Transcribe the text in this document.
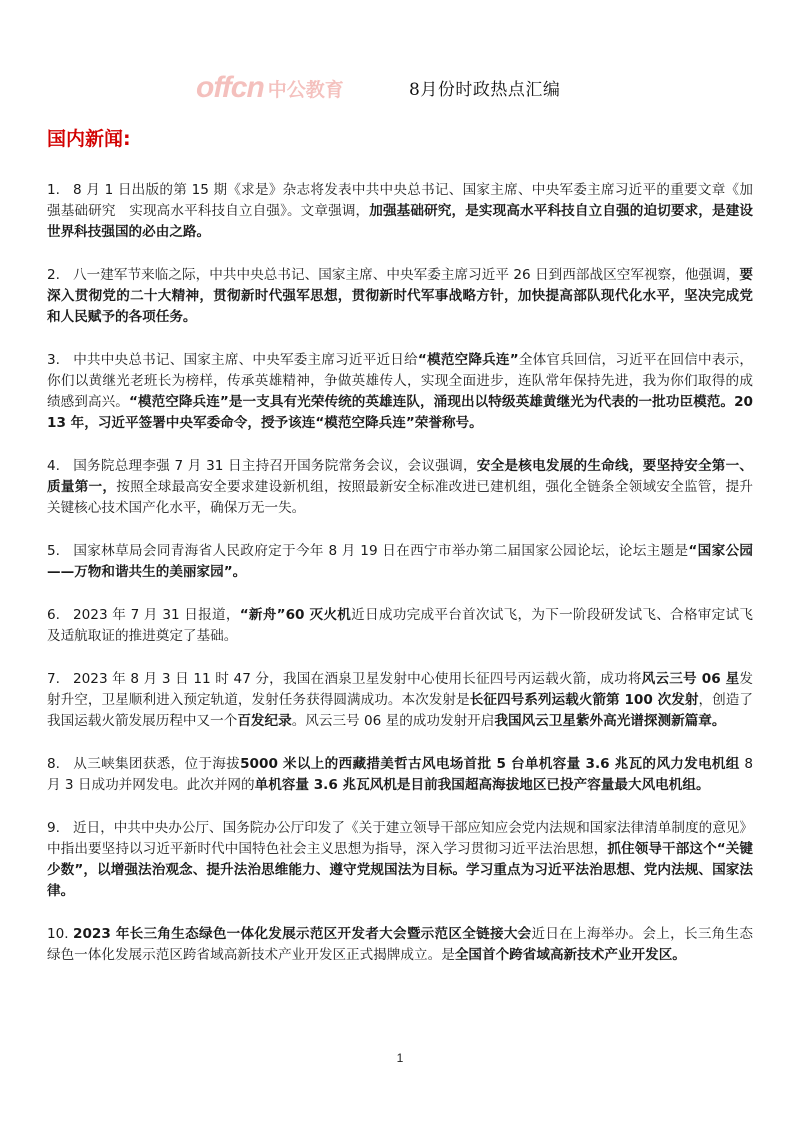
offcn 中公教育	8月份时政热点汇编
国内新闻:

1. 8 月 1 日出版的第 15 期《求是》杂志将发表中共中央总书记、国家主席、中央军委主席习近平的重要文章《加强基础研究　实现高水平科技自立自强》。文章强调，加强基础研究，是实现高水平科技自立自强的迫切要求，是建设世界科技强国的必由之路。

2. 八一建军节来临之际，中共中央总书记、国家主席、中央军委主席习近平 26 日到西部战区空军视察，他强调，要深入贯彻党的二十大精神，贯彻新时代强军思想，贯彻新时代军事战略方针，加快提高部队现代化水平，坚决完成党和人民赋予的各项任务。

3. 中共中央总书记、国家主席、中央军委主席习近平近日给“模范空降兵连”全体官兵回信，习近平在回信中表示，你们以黄继光老班长为榜样，传承英雄精神，争做英雄传人，实现全面进步，连队常年保持先进，我为你们取得的成绩感到高兴。“模范空降兵连”是一支具有光荣传统的英雄连队，涌现出以特级英雄黄继光为代表的一批功臣模范。2013 年，习近平签署中央军委命令，授予该连“模范空降兵连”荣誉称号。

4. 国务院总理李强 7 月 31 日主持召开国务院常务会议，会议强调，安全是核电发展的生命线，要坚持安全第一、质量第一，按照全球最高安全要求建设新机组，按照最新安全标准改进已建机组，强化全链条全领域安全监管，提升关键核心技术国产化水平，确保万无一失。

5. 国家林草局会同青海省人民政府定于今年 8 月 19 日在西宁市举办第二届国家公园论坛，论坛主题是“国家公园——万物和谐共生的美丽家园”。

6. 2023 年 7 月 31 日报道，“新舟”60 灭火机近日成功完成平台首次试飞，为下一阶段研发试飞、合格审定试飞及适航取证的推进奠定了基础。

7. 2023 年 8 月 3 日 11 时 47 分，我国在酒泉卫星发射中心使用长征四号丙运载火箭，成功将风云三号 06 星发射升空，卫星顺利进入预定轨道，发射任务获得圆满成功。本次发射是长征四号系列运载火箭第 100 次发射，创造了我国运载火箭发展历程中又一个百发纪录。风云三号 06 星的成功发射开启我国风云卫星紫外高光谱探测新篇章。

8. 从三峡集团获悉，位于海拔5000 米以上的西藏措美哲古风电场首批 5 台单机容量 3.6 兆瓦的风力发电机组 8 月 3 日成功并网发电。此次并网的单机容量 3.6 兆瓦风机是目前我国超高海拔地区已投产容量最大风电机组。

9. 近日，中共中央办公厅、国务院办公厅印发了《关于建立领导干部应知应会党内法规和国家法律清单制度的意见》中指出要坚持以习近平新时代中国特色社会主义思想为指导，深入学习贯彻习近平法治思想，抓住领导干部这个“关键少数”，以增强法治观念、提升法治思维能力、遵守党规国法为目标。学习重点为习近平法治思想、党内法规、国家法律。

10. 2023 年长三角生态绿色一体化发展示范区开发者大会暨示范区全链接大会近日在上海举办。会上，长三角生态绿色一体化发展示范区跨省域高新技术产业开发区正式揭牌成立。是全国首个跨省域高新技术产业开发区。

1
